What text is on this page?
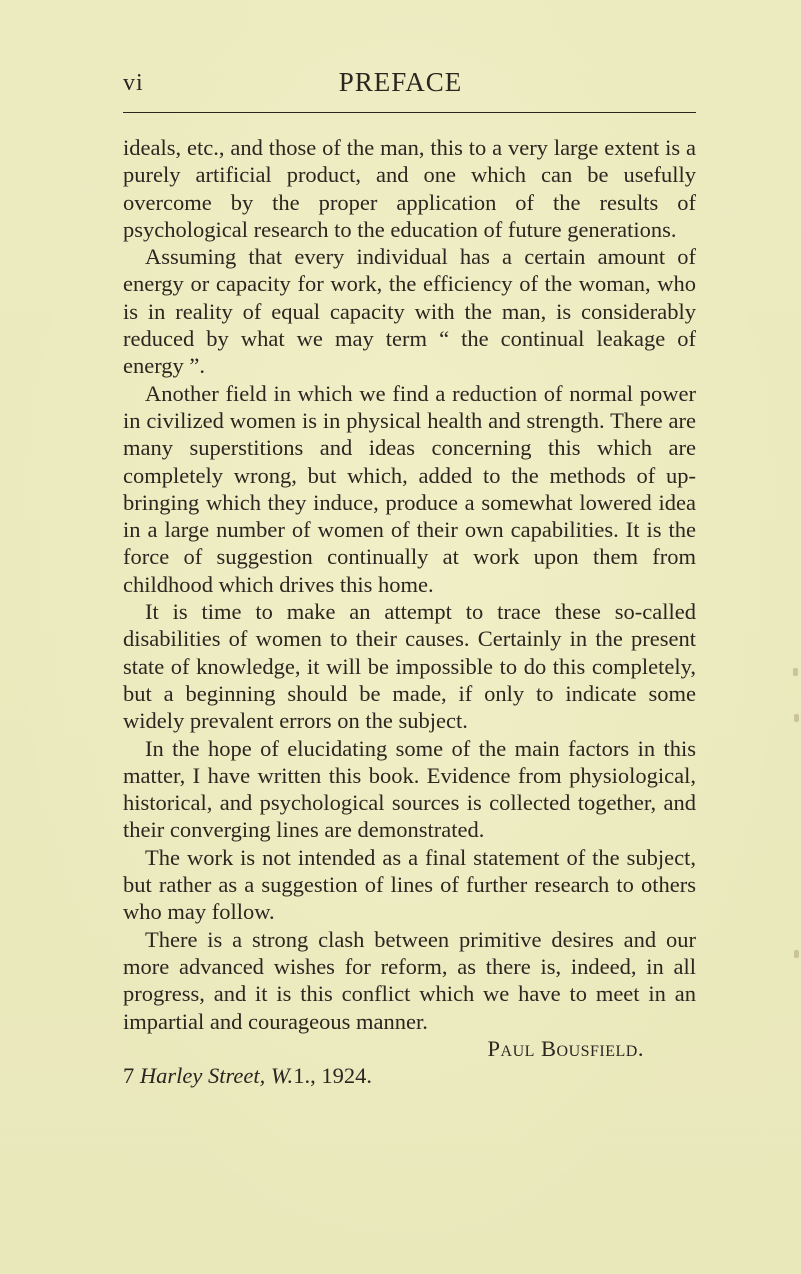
vi	PREFACE

ideals, etc., and those of the man, this to a very large extent is a purely artificial product, and one which can be usefully overcome by the proper application of the results of psychological research to the education of future generations.

Assuming that every individual has a certain amount of energy or capacity for work, the efficiency of the woman, who is in reality of equal capacity with the man, is considerably reduced by what we may term “ the continual leakage of energy ”.

Another field in which we find a reduction of normal power in civilized women is in physical health and strength. There are many superstitions and ideas concerning this which are completely wrong, but which, added to the methods of up-bringing which they induce, produce a somewhat lowered idea in a large number of women of their own capabilities. It is the force of suggestion continually at work upon them from childhood which drives this home.

It is time to make an attempt to trace these so-called disabilities of women to their causes. Certainly in the present state of knowledge, it will be impossible to do this completely, but a beginning should be made, if only to indicate some widely prevalent errors on the subject.

In the hope of elucidating some of the main factors in this matter, I have written this book. Evidence from physiological, historical, and psychological sources is collected together, and their converging lines are demonstrated.

The work is not intended as a final statement of the subject, but rather as a suggestion of lines of further research to others who may follow.

There is a strong clash between primitive desires and our more advanced wishes for reform, as there is, indeed, in all progress, and it is this conflict which we have to meet in an impartial and courageous manner.

Paul Bousfield.

7 Harley Street, W.1., 1924.
